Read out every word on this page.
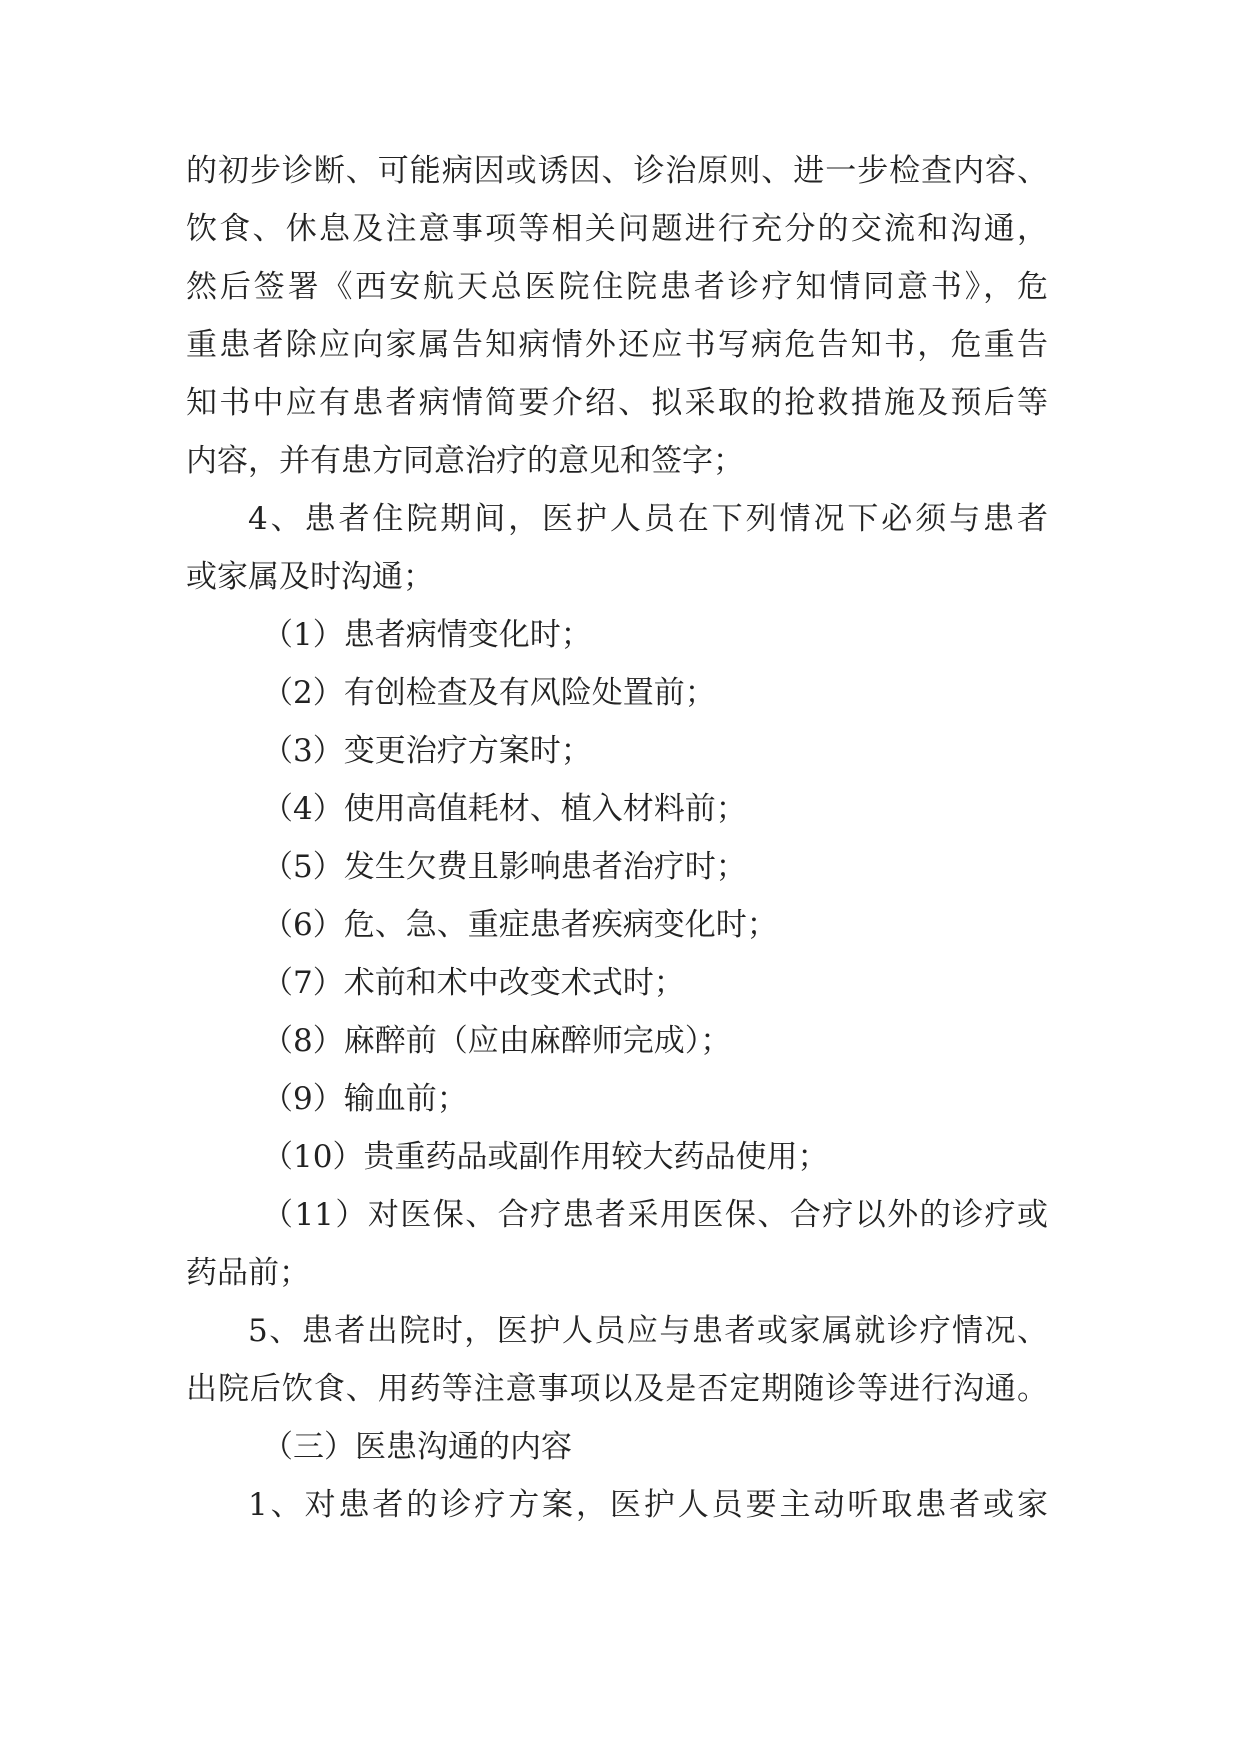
的初步诊断、可能病因或诱因、诊治原则、进一步检查内容、
饮食、休息及注意事项等相关问题进行充分的交流和沟通，
然后签署《西安航天总医院住院患者诊疗知情同意书》，危
重患者除应向家属告知病情外还应书写病危告知书，危重告
知书中应有患者病情简要介绍、拟采取的抢救措施及预后等
内容，并有患方同意治疗的意见和签字；
4、患者住院期间，医护人员在下列情况下必须与患者
或家属及时沟通；
（1）患者病情变化时；
（2）有创检查及有风险处置前；
（3）变更治疗方案时；
（4）使用高值耗材、植入材料前；
（5）发生欠费且影响患者治疗时；
（6）危、急、重症患者疾病变化时；
（7）术前和术中改变术式时；
（8）麻醉前（应由麻醉师完成）；
（9）输血前；
（10）贵重药品或副作用较大药品使用；
（11）对医保、合疗患者采用医保、合疗以外的诊疗或
药品前；
5、患者出院时，医护人员应与患者或家属就诊疗情况、
出院后饮食、用药等注意事项以及是否定期随诊等进行沟通。
（三）医患沟通的内容
1、对患者的诊疗方案，医护人员要主动听取患者或家
